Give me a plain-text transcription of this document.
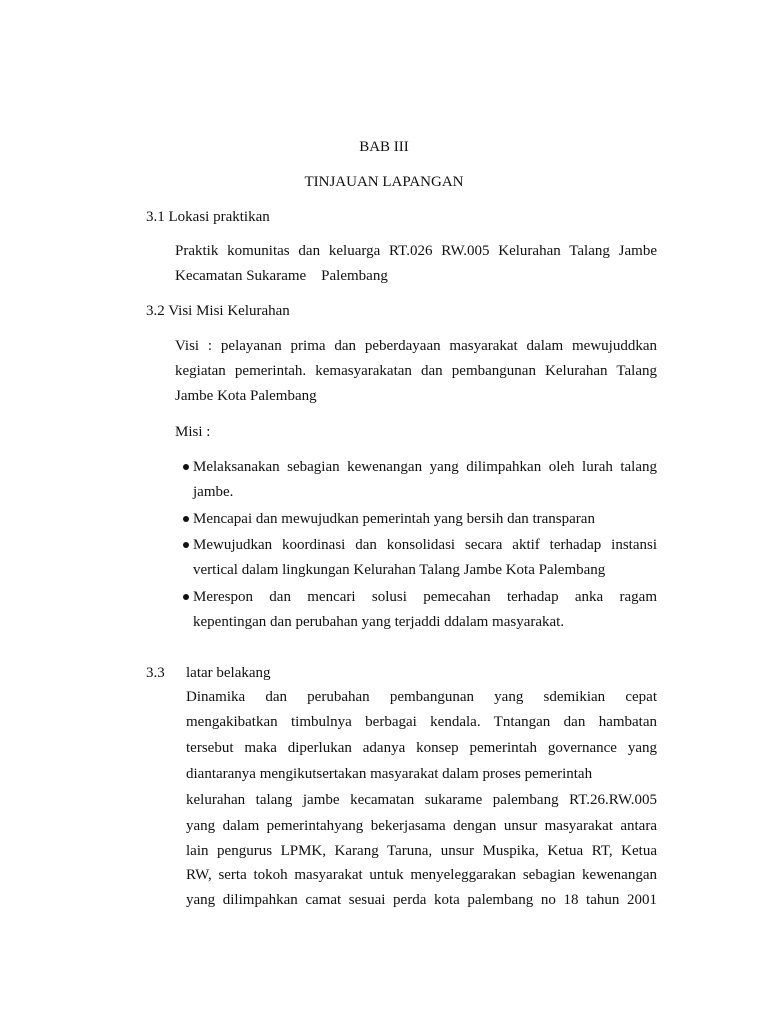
BAB III

TINJAUAN LAPANGAN

3.1 Lokasi praktikan

Praktik komunitas dan keluarga RT.026 RW.005 Kelurahan Talang Jambe

Kecamatan Sukarame    Palembang

3.2 Visi Misi Kelurahan

Visi : pelayanan prima dan peberdayaan masyarakat dalam mewujuddkan

kegiatan pemerintah. kemasyarakatan dan pembangunan Kelurahan Talang

Jambe Kota Palembang

Misi :

Melaksanakan sebagian kewenangan yang dilimpahkan oleh lurah talang

jambe.

Mencapai dan mewujudkan pemerintah yang bersih dan transparan

Mewujudkan koordinasi dan konsolidasi secara aktif terhadap instansi

vertical dalam lingkungan Kelurahan Talang Jambe Kota Palembang

Merespon dan mencari solusi pemecahan terhadap anka ragam

kepentingan dan perubahan yang terjaddi ddalam masyarakat.

3.3 latar belakang

Dinamika dan perubahan pembangunan yang sdemikian cepat

mengakibatkan timbulnya berbagai kendala. Tntangan dan hambatan

tersebut maka diperlukan adanya konsep pemerintah governance yang

diantaranya mengikutsertakan masyarakat dalam proses pemerintah

kelurahan talang jambe kecamatan sukarame palembang RT.26.RW.005

yang dalam pemerintahyang bekerjasama dengan unsur masyarakat antara

lain pengurus LPMK, Karang Taruna, unsur Muspika, Ketua RT, Ketua

RW, serta tokoh masyarakat untuk menyeleggarakan sebagian kewenangan

yang dilimpahkan camat sesuai perda kota palembang no 18 tahun 2001
